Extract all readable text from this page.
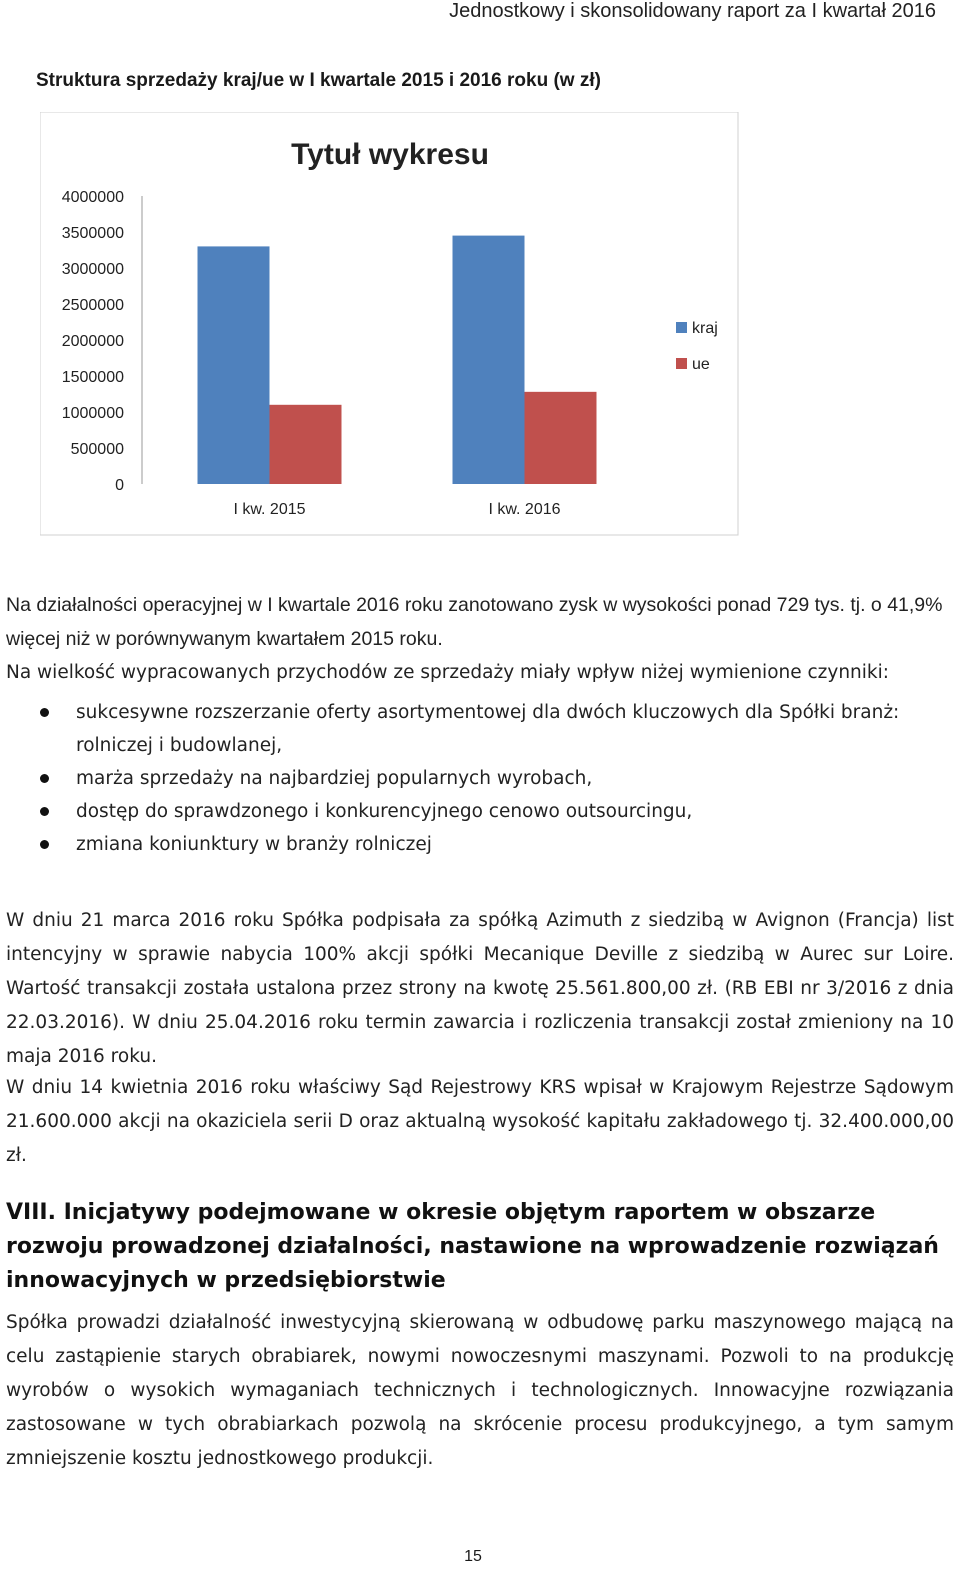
Jednostkowy i skonsolidowany raport za I kwartał 2016
Struktura sprzedaży kraj/ue w I kwartale 2015 i 2016 roku (w zł)
Tytuł wykresu
0
500000
1000000
1500000
2000000
2500000
3000000
3500000
4000000
I kw. 2015	I kw. 2016
kraj
ue

Na działalności operacyjnej w I kwartale 2016 roku zanotowano zysk w wysokości ponad 729 tys. tj. o 41,9% więcej niż w porównywanym kwartałem 2015 roku.

Na wielkość wypracowanych przychodów ze sprzedaży miały wpływ niżej wymienione czynniki:

sukcesywne rozszerzanie oferty asortymentowej dla dwóch kluczowych dla Spółki branż: rolniczej i budowlanej,
marża sprzedaży na najbardziej popularnych wyrobach,
dostęp do sprawdzonego i konkurencyjnego cenowo outsourcingu,
zmiana koniunktury w branży rolniczej

W dniu 21 marca 2016 roku Spółka podpisała za spółką Azimuth z siedzibą w Avignon (Francja) list intencyjny w sprawie nabycia 100% akcji spółki Mecanique Deville z siedzibą w Aurec sur Loire. Wartość transakcji została ustalona przez strony na kwotę 25.561.800,00 zł. (RB EBI nr 3/2016 z dnia 22.03.2016). W dniu 25.04.2016 roku termin zawarcia i rozliczenia transakcji został zmieniony na 10 maja 2016 roku.

W dniu 14 kwietnia 2016 roku właściwy Sąd Rejestrowy KRS wpisał w Krajowym Rejestrze Sądowym 21.600.000 akcji na okaziciela serii D oraz aktualną wysokość kapitału zakładowego tj. 32.400.000,00 zł.

VIII. Inicjatywy podejmowane w okresie objętym raportem w obszarze rozwoju prowadzonej działalności, nastawione na wprowadzenie rozwiązań innowacyjnych w przedsiębiorstwie

Spółka prowadzi działalność inwestycyjną skierowaną w odbudowę parku maszynowego mającą na celu zastąpienie starych obrabiarek, nowymi nowoczesnymi maszynami. Pozwoli to na produkcję wyrobów o wysokich wymaganiach technicznych i technologicznych. Innowacyjne rozwiązania zastosowane w tych obrabiarkach pozwolą na skrócenie procesu produkcyjnego, a tym samym zmniejszenie kosztu jednostkowego produkcji.

15
